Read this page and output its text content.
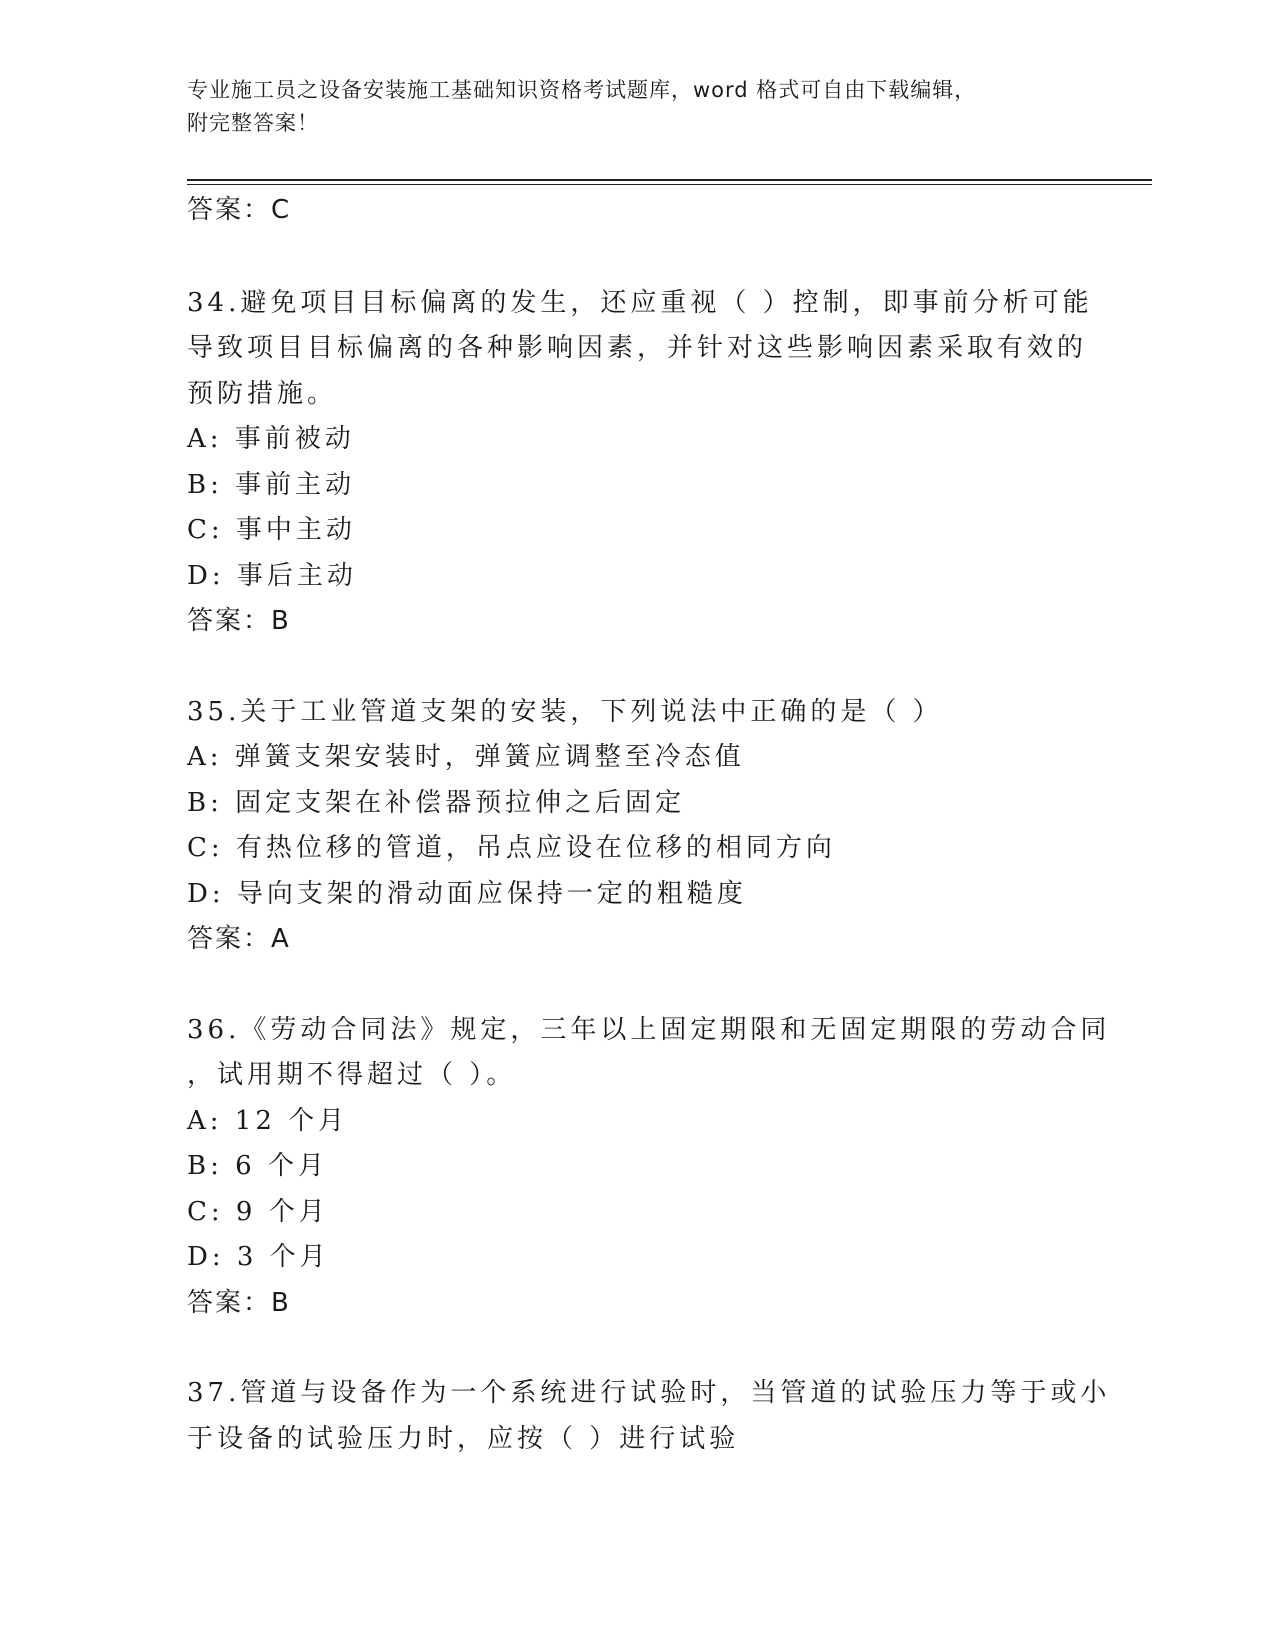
专业施工员之设备安装施工基础知识资格考试题库，word 格式可自由下载编辑，
附完整答案！
答案：C
34.避免项目目标偏离的发生，还应重视（ ）控制，即事前分析可能
导致项目目标偏离的各种影响因素，并针对这些影响因素采取有效的
预防措施。
A: 事前被动
B: 事前主动
C: 事中主动
D: 事后主动
答案：B
35.关于工业管道支架的安装，下列说法中正确的是（ ）
A: 弹簧支架安装时，弹簧应调整至冷态值
B: 固定支架在补偿器预拉伸之后固定
C: 有热位移的管道，吊点应设在位移的相同方向
D: 导向支架的滑动面应保持一定的粗糙度
答案：A
36.《劳动合同法》规定，三年以上固定期限和无固定期限的劳动合同
，试用期不得超过（ ）。
A: 12 个月
B: 6 个月
C: 9 个月
D: 3 个月
答案：B
37.管道与设备作为一个系统进行试验时，当管道的试验压力等于或小
于设备的试验压力时，应按（ ）进行试验
